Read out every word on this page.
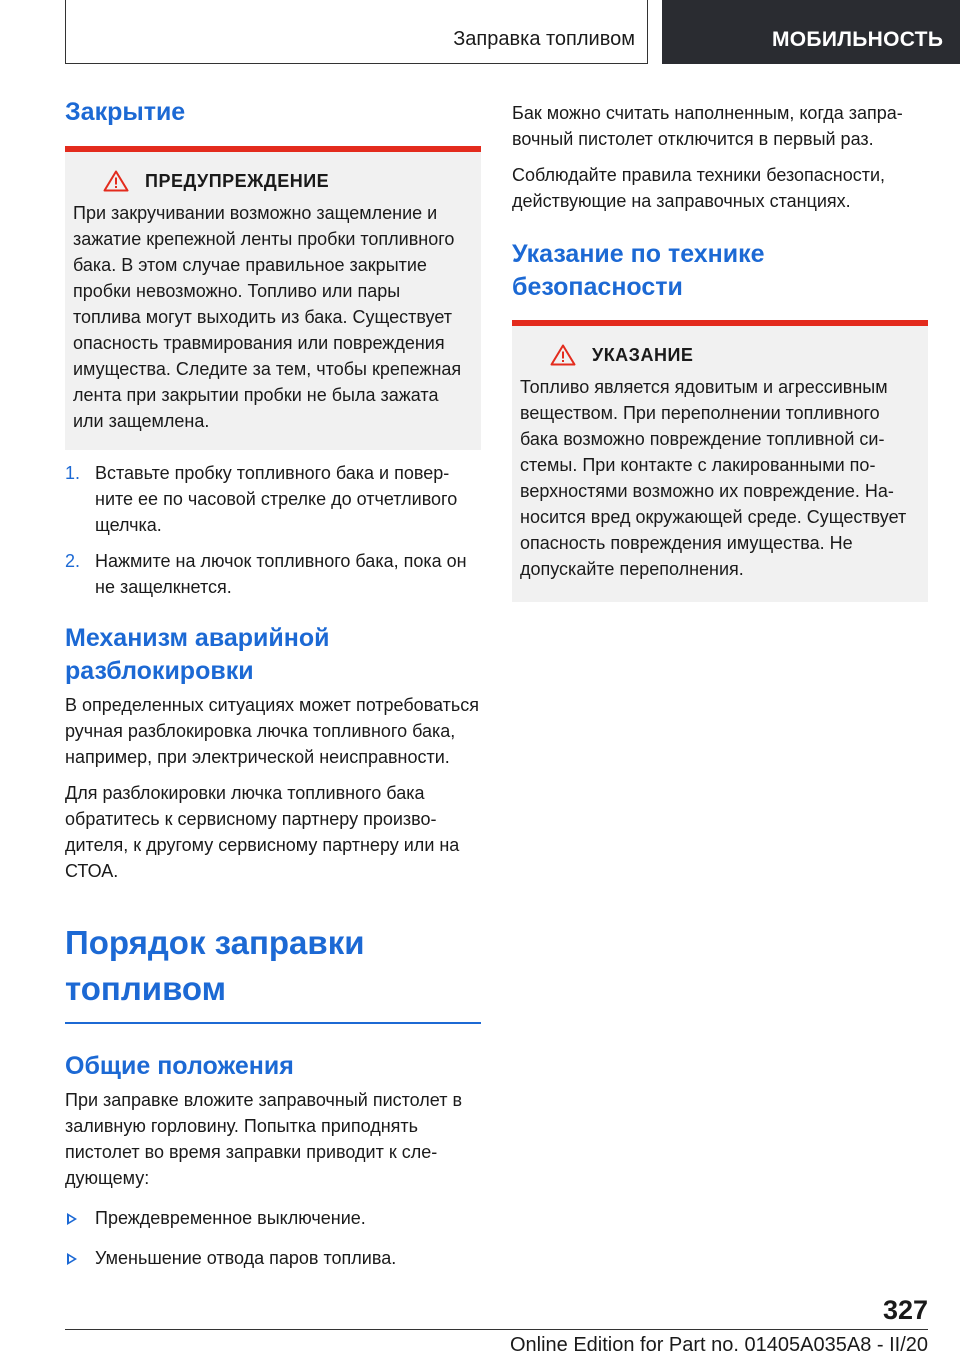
Заправка топливом	МОБИЛЬНОСТЬ
Закрытие
ПРЕДУПРЕЖДЕНИЕ

При закручивании возможно защемление и зажатие крепежной ленты пробки топливного бака. В этом случае правильное закрытие пробки невозможно. Топливо или пары топлива могут выходить из бака. Существует опасность травмирования или повреждения имущества. Следите за тем, чтобы крепежная лента при закрытии пробки не была зажата или защемлена.

1. Вставьте пробку топливного бака и поверните ее по часовой стрелке до отчетливого щелчка.
2. Нажмите на лючок топливного бака, пока он не защелкнется.
Механизм аварийной разблокировки

В определенных ситуациях может потребоваться ручная разблокировка лючка топливного бака, например, при электрической неисправности.

Для разблокировки лючка топливного бака обратитесь к сервисному партнеру производителя, к другому сервисному партнеру или на СТОА.

Порядок заправки топливом
Общие положения

При заправке вложите заправочный пистолет в заливную горловину. Попытка приподнять пистолет во время заправки приводит к следующему:

Преждевременное выключение.
Уменьшение отвода паров топлива.

Бак можно считать наполненным, когда заправочный пистолет отключится в первый раз.

Соблюдайте правила техники безопасности, действующие на заправочных станциях.

Указание по технике безопасности
УКАЗАНИЕ

Топливо является ядовитым и агрессивным веществом. При переполнении топливного бака возможно повреждение топливной системы. При контакте с лакированными поверхностями возможно их повреждение. Наносится вред окружающей среде. Существует опасность повреждения имущества. Не допускайте переполнения.

327
Online Edition for Part no. 01405A035A8 - II/20
